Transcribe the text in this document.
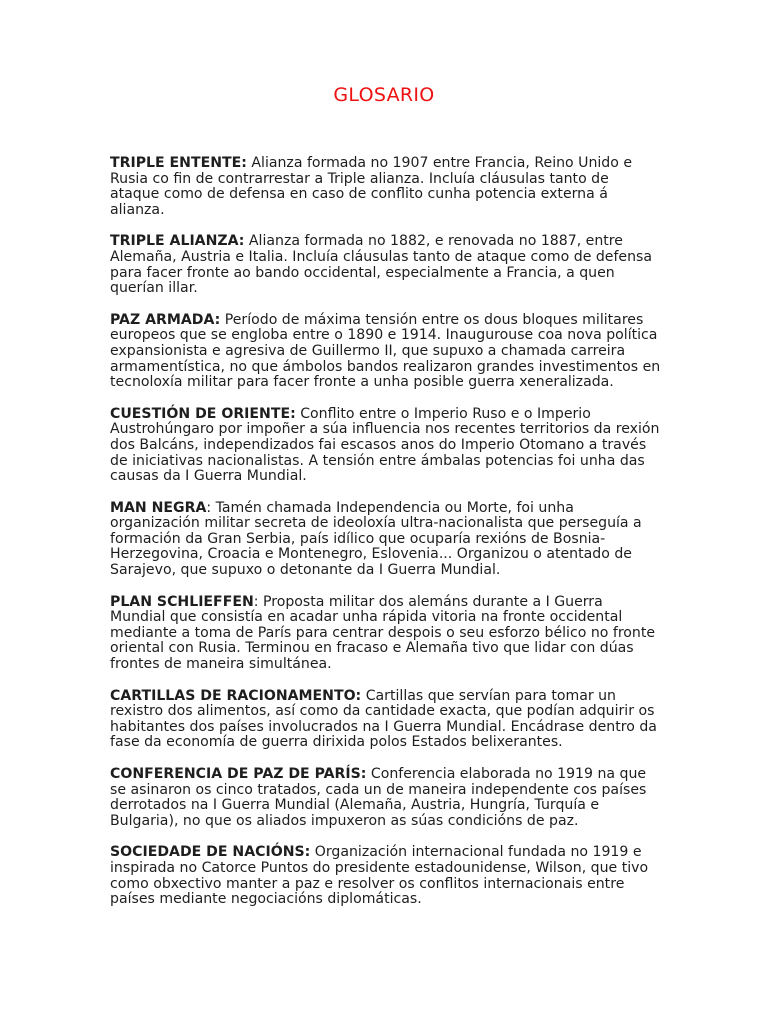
GLOSARIO

TRIPLE ENTENTE: Alianza formada no 1907 entre Francia, Reino Unido e Rusia co fin de contrarrestar a Triple alianza. Incluía cláusulas tanto de ataque como de defensa en caso de conflito cunha potencia externa á alianza.

TRIPLE ALIANZA: Alianza formada no 1882, e renovada no 1887, entre Alemaña, Austria e Italia. Incluía cláusulas tanto de ataque como de defensa para facer fronte ao bando occidental, especialmente a Francia, a quen querían illar.

PAZ ARMADA: Período de máxima tensión entre os dous bloques militares europeos que se engloba entre o 1890 e 1914. Inaugurouse coa nova política expansionista e agresiva de Guillermo II, que supuxo a chamada carreira armamentística, no que ámbolos bandos realizaron grandes investimentos en tecnoloxía militar para facer fronte a unha posible guerra xeneralizada.

CUESTIÓN DE ORIENTE: Conflito entre o Imperio Ruso e o Imperio Austrohúngaro por impoñer a súa influencia nos recentes territorios da rexión dos Balcáns, independizados fai escasos anos do Imperio Otomano a través de iniciativas nacionalistas. A tensión entre ámbalas potencias foi unha das causas da I Guerra Mundial.

MAN NEGRA: Tamén chamada Independencia ou Morte, foi unha organización militar secreta de ideoloxía ultra-nacionalista que perseguía a formación da Gran Serbia, país idílico que ocuparía rexións de Bosnia-Herzegovina, Croacia e Montenegro, Eslovenia... Organizou o atentado de Sarajevo, que supuxo o detonante da I Guerra Mundial.

PLAN SCHLIEFFEN: Proposta militar dos alemáns durante a I Guerra Mundial que consistía en acadar unha rápida vitoria na fronte occidental mediante a toma de París para centrar despois o seu esforzo bélico no fronte oriental con Rusia. Terminou en fracaso e Alemaña tivo que lidar con dúas frontes de maneira simultánea.

CARTILLAS DE RACIONAMENTO: Cartillas que servían para tomar un rexistro dos alimentos, así como da cantidade exacta, que podían adquirir os habitantes dos países involucrados na I Guerra Mundial. Encádrase dentro da fase da economía de guerra dirixida polos Estados belixerantes.

CONFERENCIA DE PAZ DE PARÍS: Conferencia elaborada no 1919 na que se asinaron os cinco tratados, cada un de maneira independente cos países derrotados na I Guerra Mundial (Alemaña, Austria, Hungría, Turquía e Bulgaria), no que os aliados impuxeron as súas condicións de paz.

SOCIEDADE DE NACIÓNS: Organización internacional fundada no 1919 e inspirada no Catorce Puntos do presidente estadounidense, Wilson, que tivo como obxectivo manter a paz e resolver os conflitos internacionais entre países mediante negociacións diplomáticas.
